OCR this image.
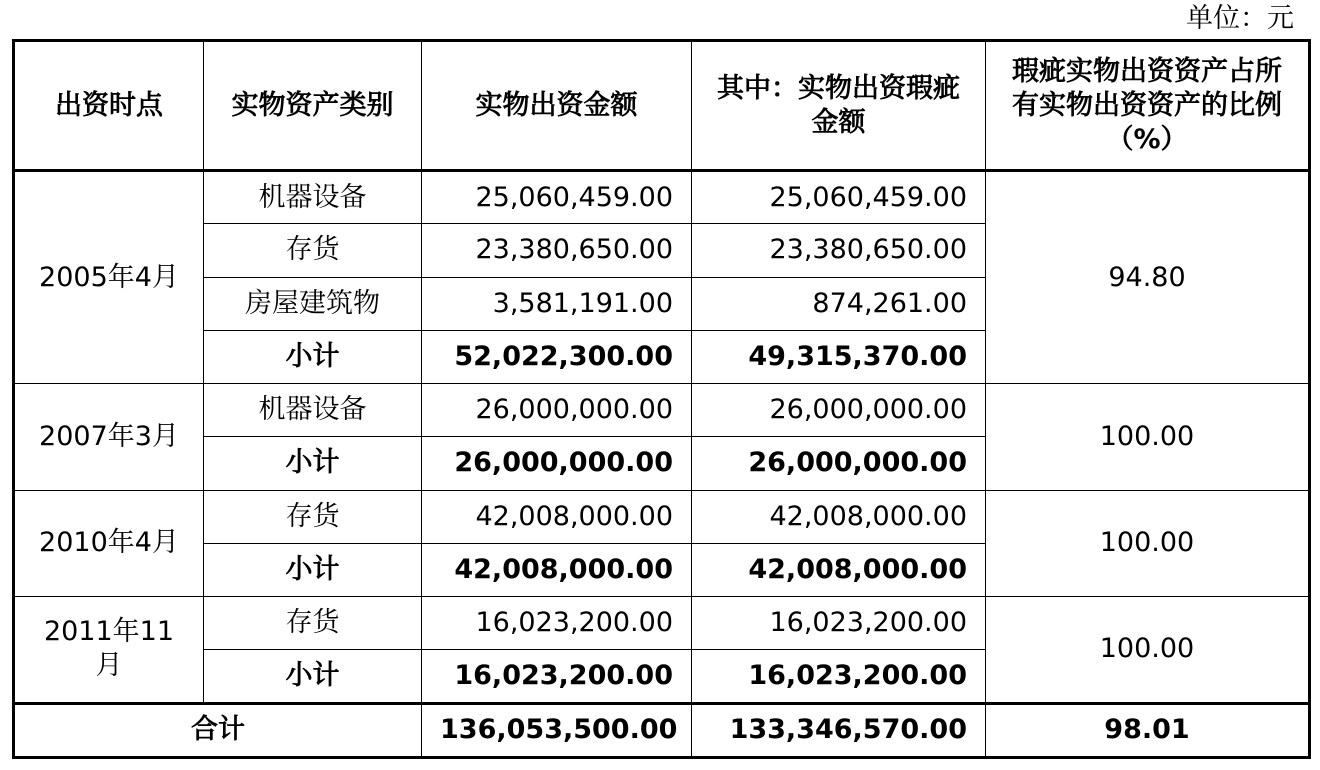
单位：元
出资时点	实物资产类别	实物出资金额	其中：实物出资瑕疵金额	瑕疵实物出资资产占所有实物出资资产的比例（%）
2005年4月	机器设备	25,060,459.00	25,060,459.00	94.80
	存货	23,380,650.00	23,380,650.00	
	房屋建筑物	3,581,191.00	874,261.00	
	小计	52,022,300.00	49,315,370.00	
2007年3月	机器设备	26,000,000.00	26,000,000.00	100.00
	小计	26,000,000.00	26,000,000.00	
2010年4月	存货	42,008,000.00	42,008,000.00	100.00
	小计	42,008,000.00	42,008,000.00	
2011年11月	存货	16,023,200.00	16,023,200.00	100.00
	小计	16,023,200.00	16,023,200.00	
合计		136,053,500.00	133,346,570.00	98.01
